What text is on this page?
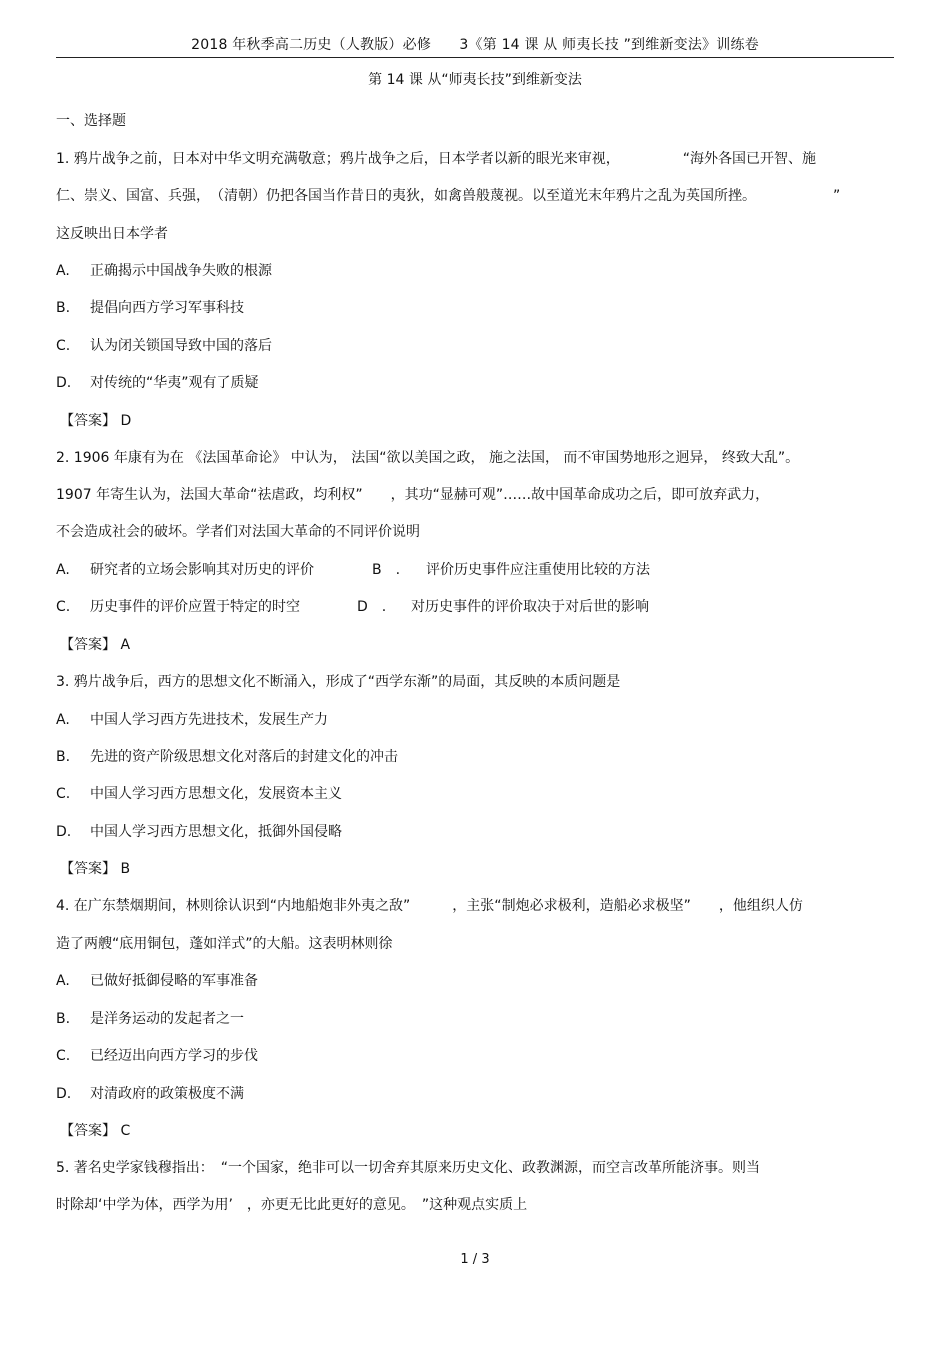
2018 年秋季高二历史（人教版）必修　　3《第 14 课 从 师夷长技 ”到维新变法》训练卷
第 14 课 从“师夷长技”到维新变法
一、选择题
1. 鸦片战争之前，日本对中华文明充满敬意；鸦片战争之后，日本学者以新的眼光来审视，　　　　　“海外各国已开智、施
仁、崇义、国富、兵强，　（清朝）仍把各国当作昔日的夷狄，如禽兽般蔑视。以至道光末年鸦片之乱为英国所挫。　　　　　　”
这反映出日本学者
A. 正确揭示中国战争失败的根源
B. 提倡向西方学习军事科技
C. 认为闭关锁国导致中国的落后
D. 对传统的“华夷”观有了质疑
【答案】 D
2. 1906 年康有为在 《法国革命论》 中认为， 法国“欲以美国之政， 施之法国， 而不审国势地形之迥异， 终致大乱”。
1907 年寄生认为，法国大革命“祛虐政，均利权”　　，其功“显赫可观”……故中国革命成功之后，即可放弃武力，
不会造成社会的破坏。学者们对法国大革命的不同评价说明
A. 研究者的立场会影响其对历史的评价	B　. 评价历史事件应注重使用比较的方法
C. 历史事件的评价应置于特定的时空	D　. 对历史事件的评价取决于对后世的影响
【答案】 A
3. 鸦片战争后，西方的思想文化不断涌入，形成了“西学东渐”的局面，其反映的本质问题是
A. 中国人学习西方先进技术，发展生产力
B. 先进的资产阶级思想文化对落后的封建文化的冲击
C. 中国人学习西方思想文化，发展资本主义
D. 中国人学习西方思想文化，抵御外国侵略
【答案】 B
4. 在广东禁烟期间，林则徐认识到“内地船炮非外夷之敌”　　　，主张“制炮必求极利，造船必求极坚”　　，他组织人仿
造了两艘“底用铜包，蓬如洋式”的大船。这表明林则徐
A. 已做好抵御侵略的军事准备
B. 是洋务运动的发起者之一
C. 已经迈出向西方学习的步伐
D. 对清政府的政策极度不满
【答案】 C
5. 著名史学家钱穆指出：　“一个国家，绝非可以一切舍弃其原来历史文化、政教渊源，而空言改革所能济事。则当
时除却‘中学为体，西学为用’　，亦更无比此更好的意见。　”这种观点实质上
1 / 3
